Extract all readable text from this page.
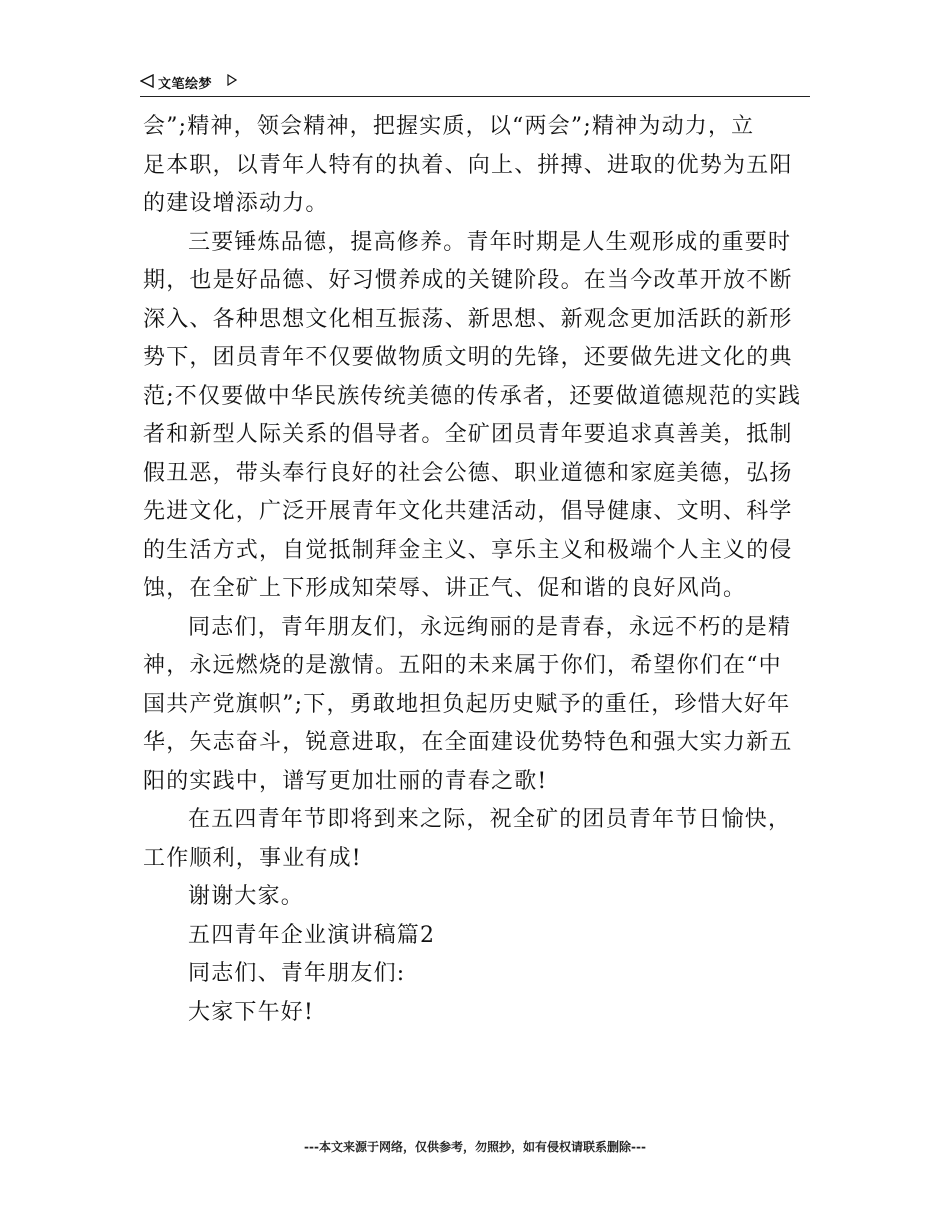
文笔绘梦
会”;精神，领会精神，把握实质，以“两会”;精神为动力，立
足本职，以青年人特有的执着、向上、拼搏、进取的优势为五阳
的建设增添动力。
三要锤炼品德，提高修养。青年时期是人生观形成的重要时
期，也是好品德、好习惯养成的关键阶段。在当今改革开放不断
深入、各种思想文化相互振荡、新思想、新观念更加活跃的新形
势下，团员青年不仅要做物质文明的先锋，还要做先进文化的典
范;不仅要做中华民族传统美德的传承者，还要做道德规范的实践
者和新型人际关系的倡导者。全矿团员青年要追求真善美，抵制
假丑恶，带头奉行良好的社会公德、职业道德和家庭美德，弘扬
先进文化，广泛开展青年文化共建活动，倡导健康、文明、科学
的生活方式，自觉抵制拜金主义、享乐主义和极端个人主义的侵
蚀，在全矿上下形成知荣辱、讲正气、促和谐的良好风尚。
同志们，青年朋友们，永远绚丽的是青春，永远不朽的是精
神，永远燃烧的是激情。五阳的未来属于你们，希望你们在“中
国共产党旗帜”;下，勇敢地担负起历史赋予的重任，珍惜大好年
华，矢志奋斗，锐意进取，在全面建设优势特色和强大实力新五
阳的实践中，谱写更加壮丽的青春之歌!
在五四青年节即将到来之际，祝全矿的团员青年节日愉快，
工作顺利，事业有成!
谢谢大家。
五四青年企业演讲稿篇2
同志们、青年朋友们:
大家下午好!
---本文来源于网络，仅供参考，勿照抄，如有侵权请联系删除---
